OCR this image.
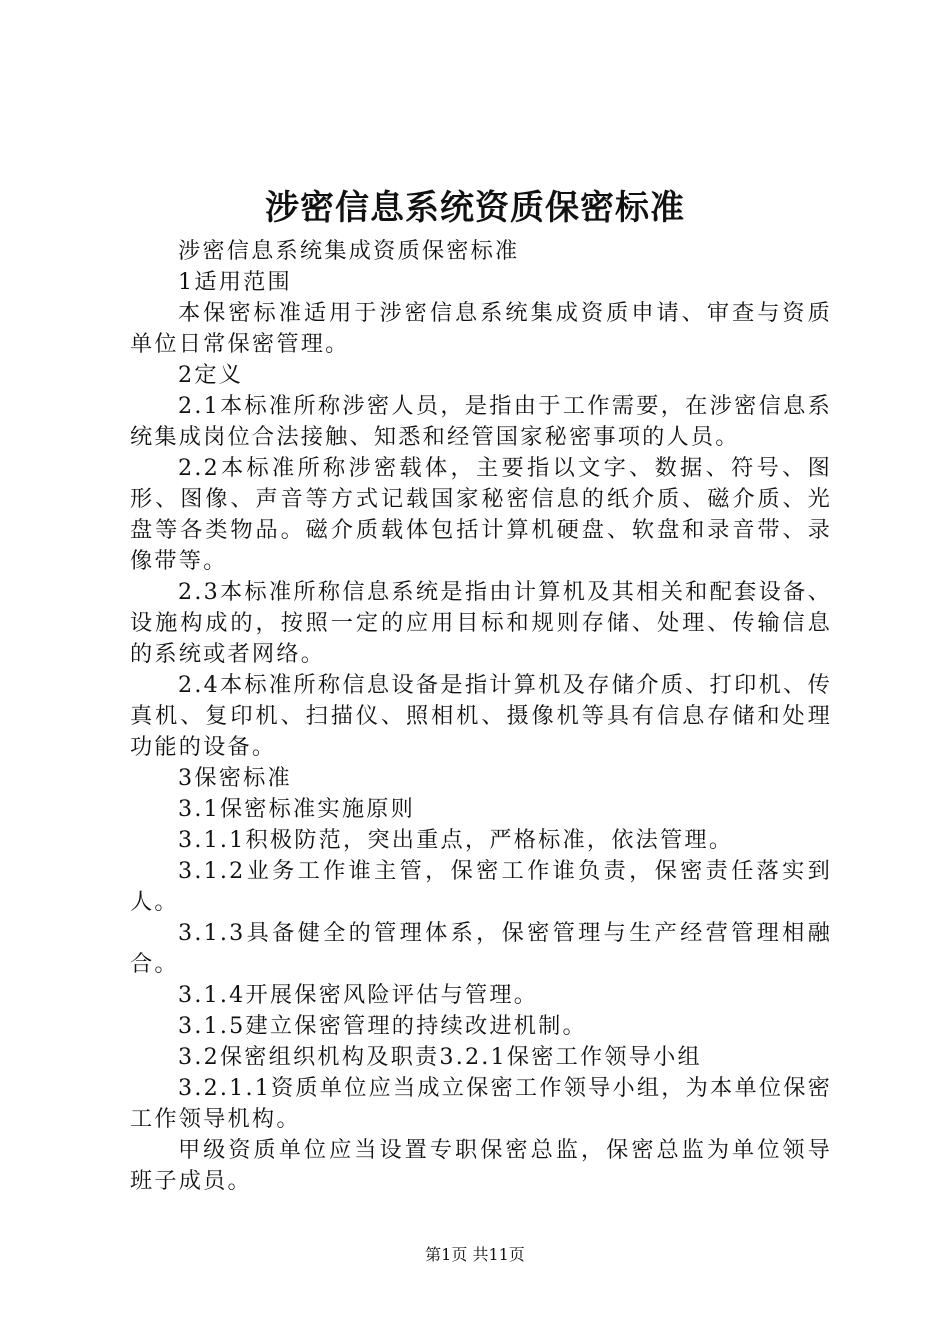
涉密信息系统资质保密标准

涉密信息系统集成资质保密标准

1适用范围

本保密标准适用于涉密信息系统集成资质申请、审查与资质单位日常保密管理。

2定义

2.1本标准所称涉密人员，是指由于工作需要，在涉密信息系统集成岗位合法接触、知悉和经管国家秘密事项的人员。

2.2本标准所称涉密载体，主要指以文字、数据、符号、图形、图像、声音等方式记载国家秘密信息的纸介质、磁介质、光盘等各类物品。磁介质载体包括计算机硬盘、软盘和录音带、录像带等。

2.3本标准所称信息系统是指由计算机及其相关和配套设备、设施构成的，按照一定的应用目标和规则存储、处理、传输信息的系统或者网络。

2.4本标准所称信息设备是指计算机及存储介质、打印机、传真机、复印机、扫描仪、照相机、摄像机等具有信息存储和处理功能的设备。

3保密标准

3.1保密标准实施原则

3.1.1积极防范，突出重点，严格标准，依法管理。

3.1.2业务工作谁主管，保密工作谁负责，保密责任落实到人。

3.1.3具备健全的管理体系，保密管理与生产经营管理相融合。

3.1.4开展保密风险评估与管理。

3.1.5建立保密管理的持续改进机制。

3.2保密组织机构及职责3.2.1保密工作领导小组

3.2.1.1资质单位应当成立保密工作领导小组，为本单位保密工作领导机构。

甲级资质单位应当设置专职保密总监，保密总监为单位领导班子成员。

第1页 共11页
